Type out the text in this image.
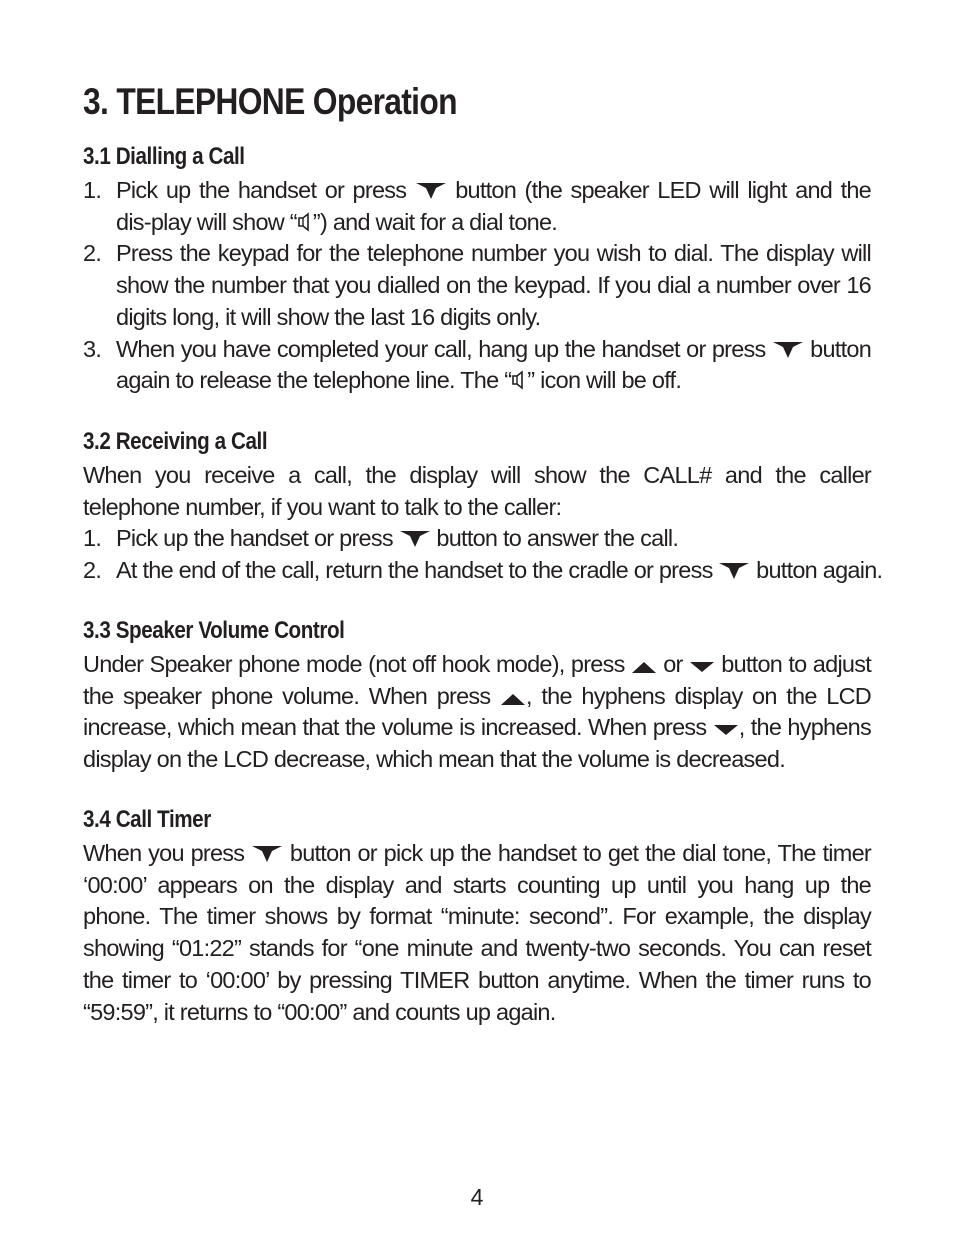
3. TELEPHONE Operation
3.1 Dialling a Call
1. Pick up the handset or press button (the speaker LED will light and the dis-play will show “ ”) and wait for a dial tone.
2. Press the keypad for the telephone number you wish to dial. The display will show the number that you dialled on the keypad. If you dial a number over 16 digits long, it will show the last 16 digits only.
3. When you have completed your call, hang up the handset or press button again to release the telephone line. The “ ” icon will be off.
3.2 Receiving a Call

When you receive a call, the display will show the CALL# and the caller telephone number, if you want to talk to the caller:

1. Pick up the handset or press button to answer the call.
2. At the end of the call, return the handset to the cradle or press button again.
3.3 Speaker Volume Control

Under Speaker phone mode (not off hook mode), press or button to adjust the speaker phone volume. When press , the hyphens display on the LCD increase, which mean that the volume is increased. When press , the hyphens display on the LCD decrease, which mean that the volume is decreased.

3.4 Call Timer

When you press button or pick up the handset to get the dial tone, The timer ‘00:00’ appears on the display and starts counting up until you hang up the phone. The timer shows by format “minute: second”. For example, the display showing “01:22” stands for “one minute and twenty-two seconds. You can reset the timer to ‘00:00’ by pressing TIMER button anytime. When the timer runs to “59:59”, it returns to “00:00” and counts up again.

4
